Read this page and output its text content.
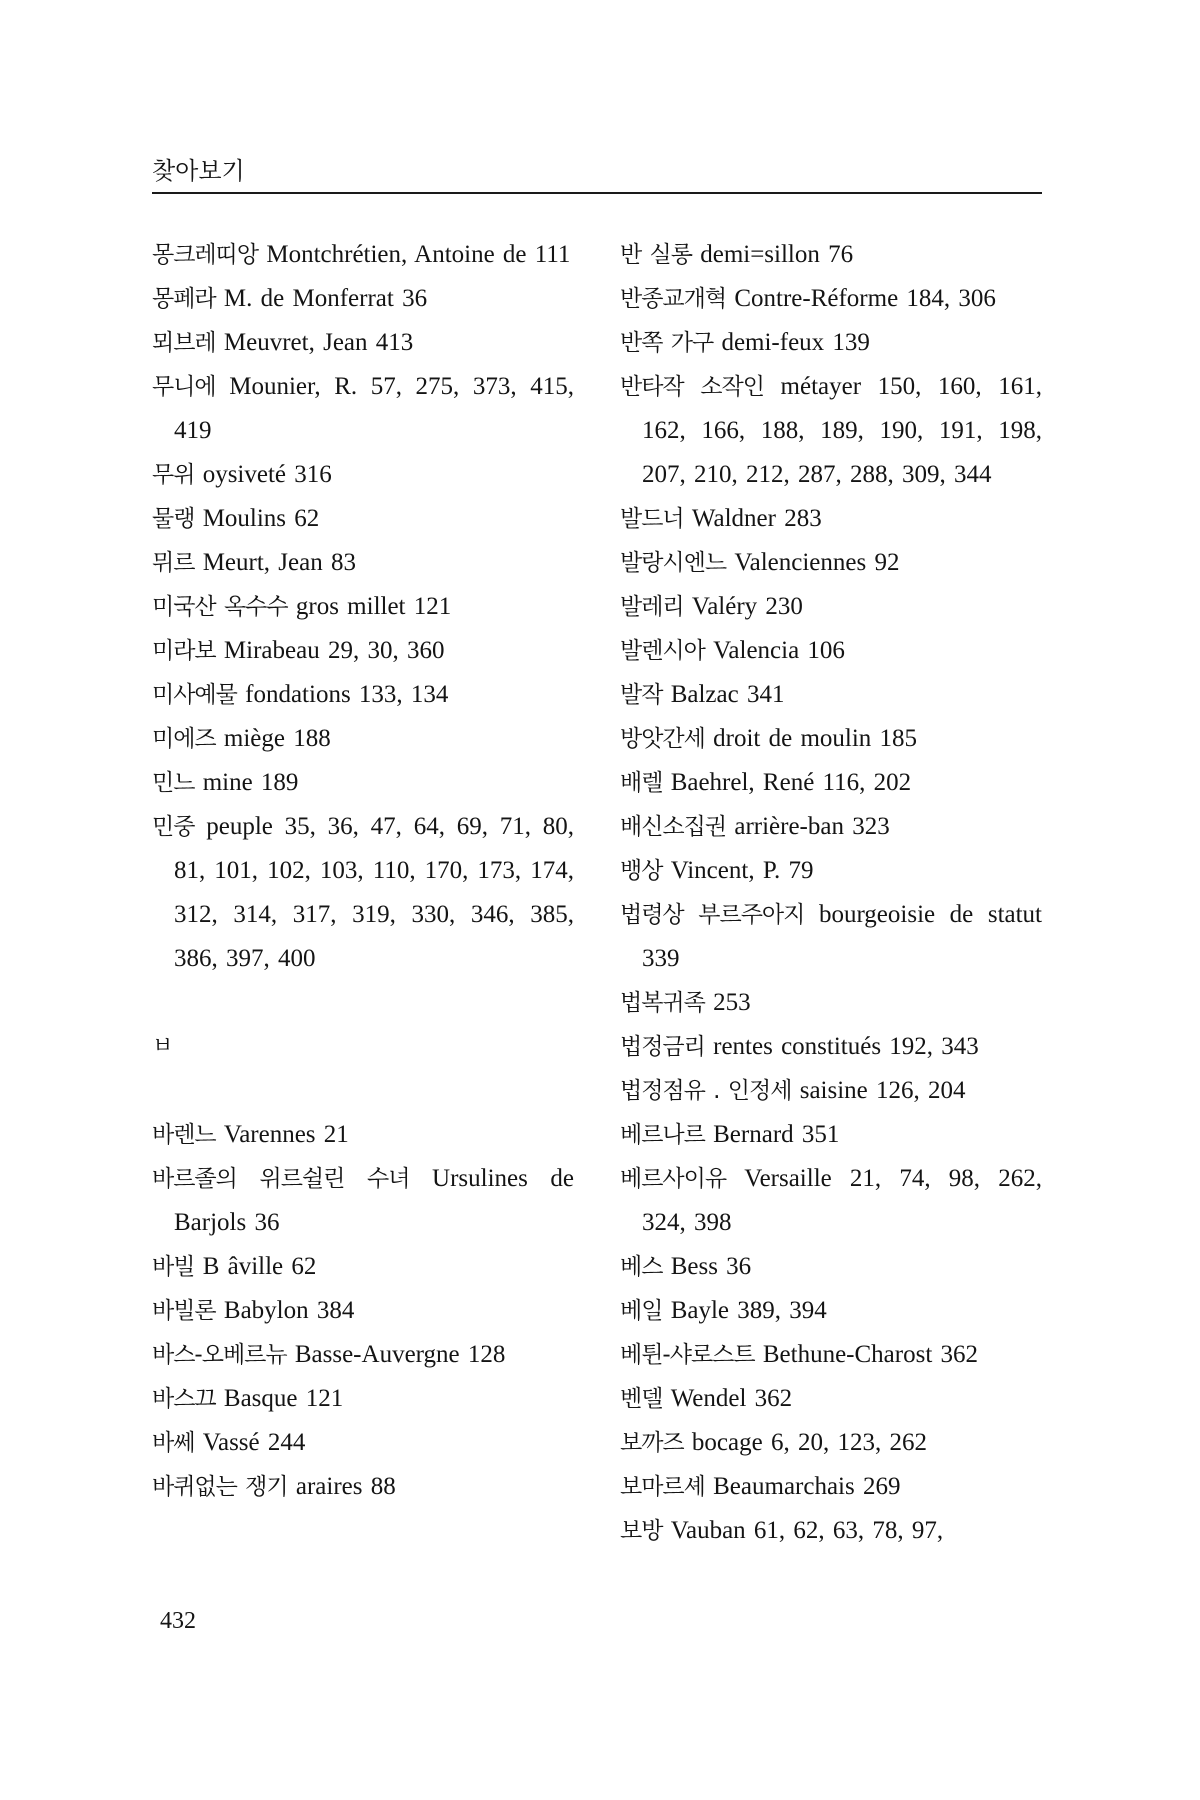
찾아보기
몽크레띠앙 Montchrétien, Antoine de 111
몽페라 M. de Monferrat 36
뫼브레 Meuvret, Jean 413
무니에 Mounier, R. 57, 275, 373, 415, 419
무위 oysiveté 316
물랭 Moulins 62
뮈르 Meurt, Jean 83
미국산 옥수수 gros millet 121
미라보 Mirabeau 29, 30, 360
미사예물 fondations 133, 134
미에즈 miège 188
민느 mine 189
민중 peuple 35, 36, 47, 64, 69, 71, 80, 81, 101, 102, 103, 110, 170, 173, 174, 312, 314, 317, 319, 330, 346, 385, 386, 397, 400
ㅂ
바렌느 Varennes 21
바르졸의 위르쉴린 수녀 Ursulines de Barjols 36
바빌 B âville 62
바빌론 Babylon 384
바스-오베르뉴 Basse-Auvergne 128
바스끄 Basque 121
바쎄 Vassé 244
바퀴없는 쟁기 araires 88
반 실롱 demi=sillon 76
반종교개혁 Contre-Réforme 184, 306
반쪽 가구 demi-feux 139
반타작 소작인 métayer 150, 160, 161, 162, 166, 188, 189, 190, 191, 198, 207, 210, 212, 287, 288, 309, 344
발드너 Waldner 283
발랑시엔느 Valenciennes 92
발레리 Valéry 230
발렌시아 Valencia 106
발작 Balzac 341
방앗간세 droit de moulin 185
배렐 Baehrel, René 116, 202
배신소집권 arrière-ban 323
뱅상 Vincent, P. 79
법령상 부르주아지 bourgeoisie de statut 339
법복귀족 253
법정금리 rentes constitués 192, 343
법정점유 . 인정세 saisine 126, 204
베르나르 Bernard 351
베르사이유 Versaille 21, 74, 98, 262, 324, 398
베스 Bess 36
베일 Bayle 389, 394
베튄-샤로스트 Bethune-Charost 362
벤델 Wendel 362
보까즈 bocage 6, 20, 123, 262
보마르셰 Beaumarchais 269
보방 Vauban 61, 62, 63, 78, 97,
432
